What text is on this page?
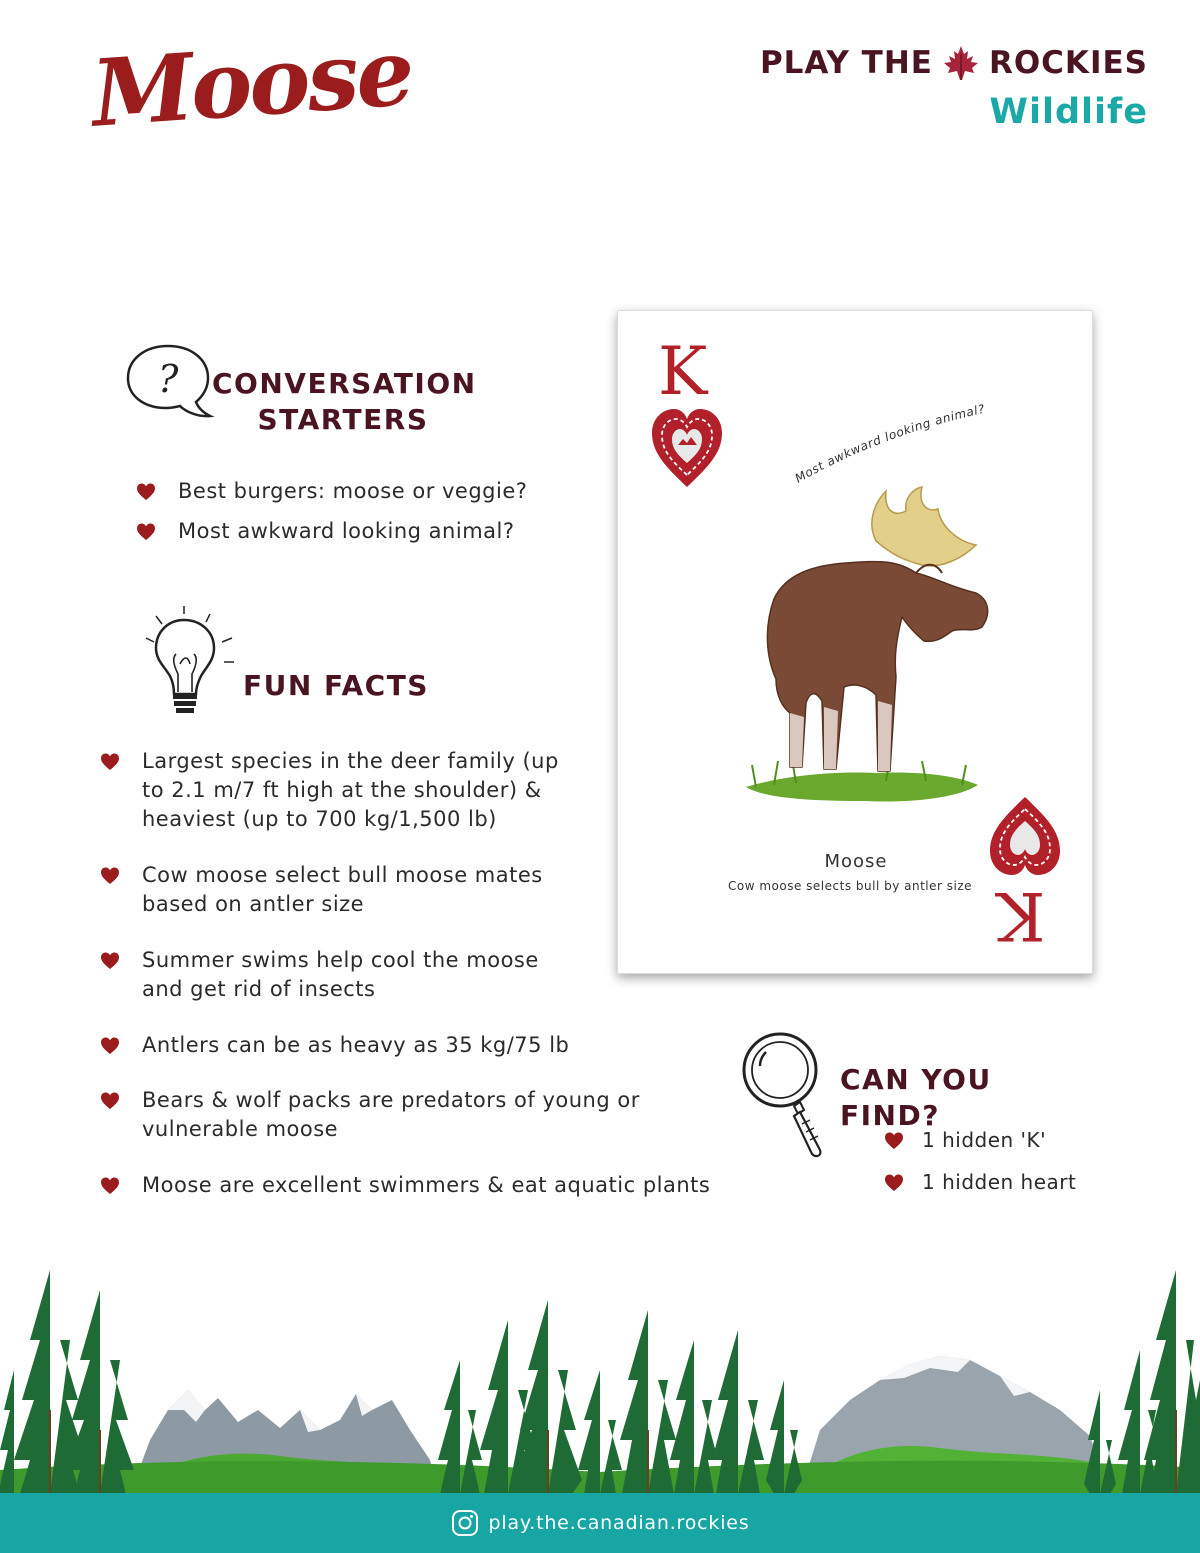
Moose	PLAY THE ROCKIES
Wildlife
? CONVERSATION
STARTERS
Best burgers: moose or veggie?
Most awkward looking animal?
FUN FACTS
Largest species in the deer family (up
to 2.1 m/7 ft high at the shoulder) &
heaviest (up to 700 kg/1,500 lb)
Cow moose select bull moose mates
based on antler size
Summer swims help cool the moose
and get rid of insects
Antlers can be as heavy as 35 kg/75 lb
Bears & wolf packs are predators of young or
vulnerable moose
Moose are excellent swimmers & eat aquatic plants
K
Most awkward looking animal?
Moose
Cow moose selects bull by antler size K
CAN YOU FIND?
1 hidden 'K'
1 hidden heart
play.the.canadian.rockies
